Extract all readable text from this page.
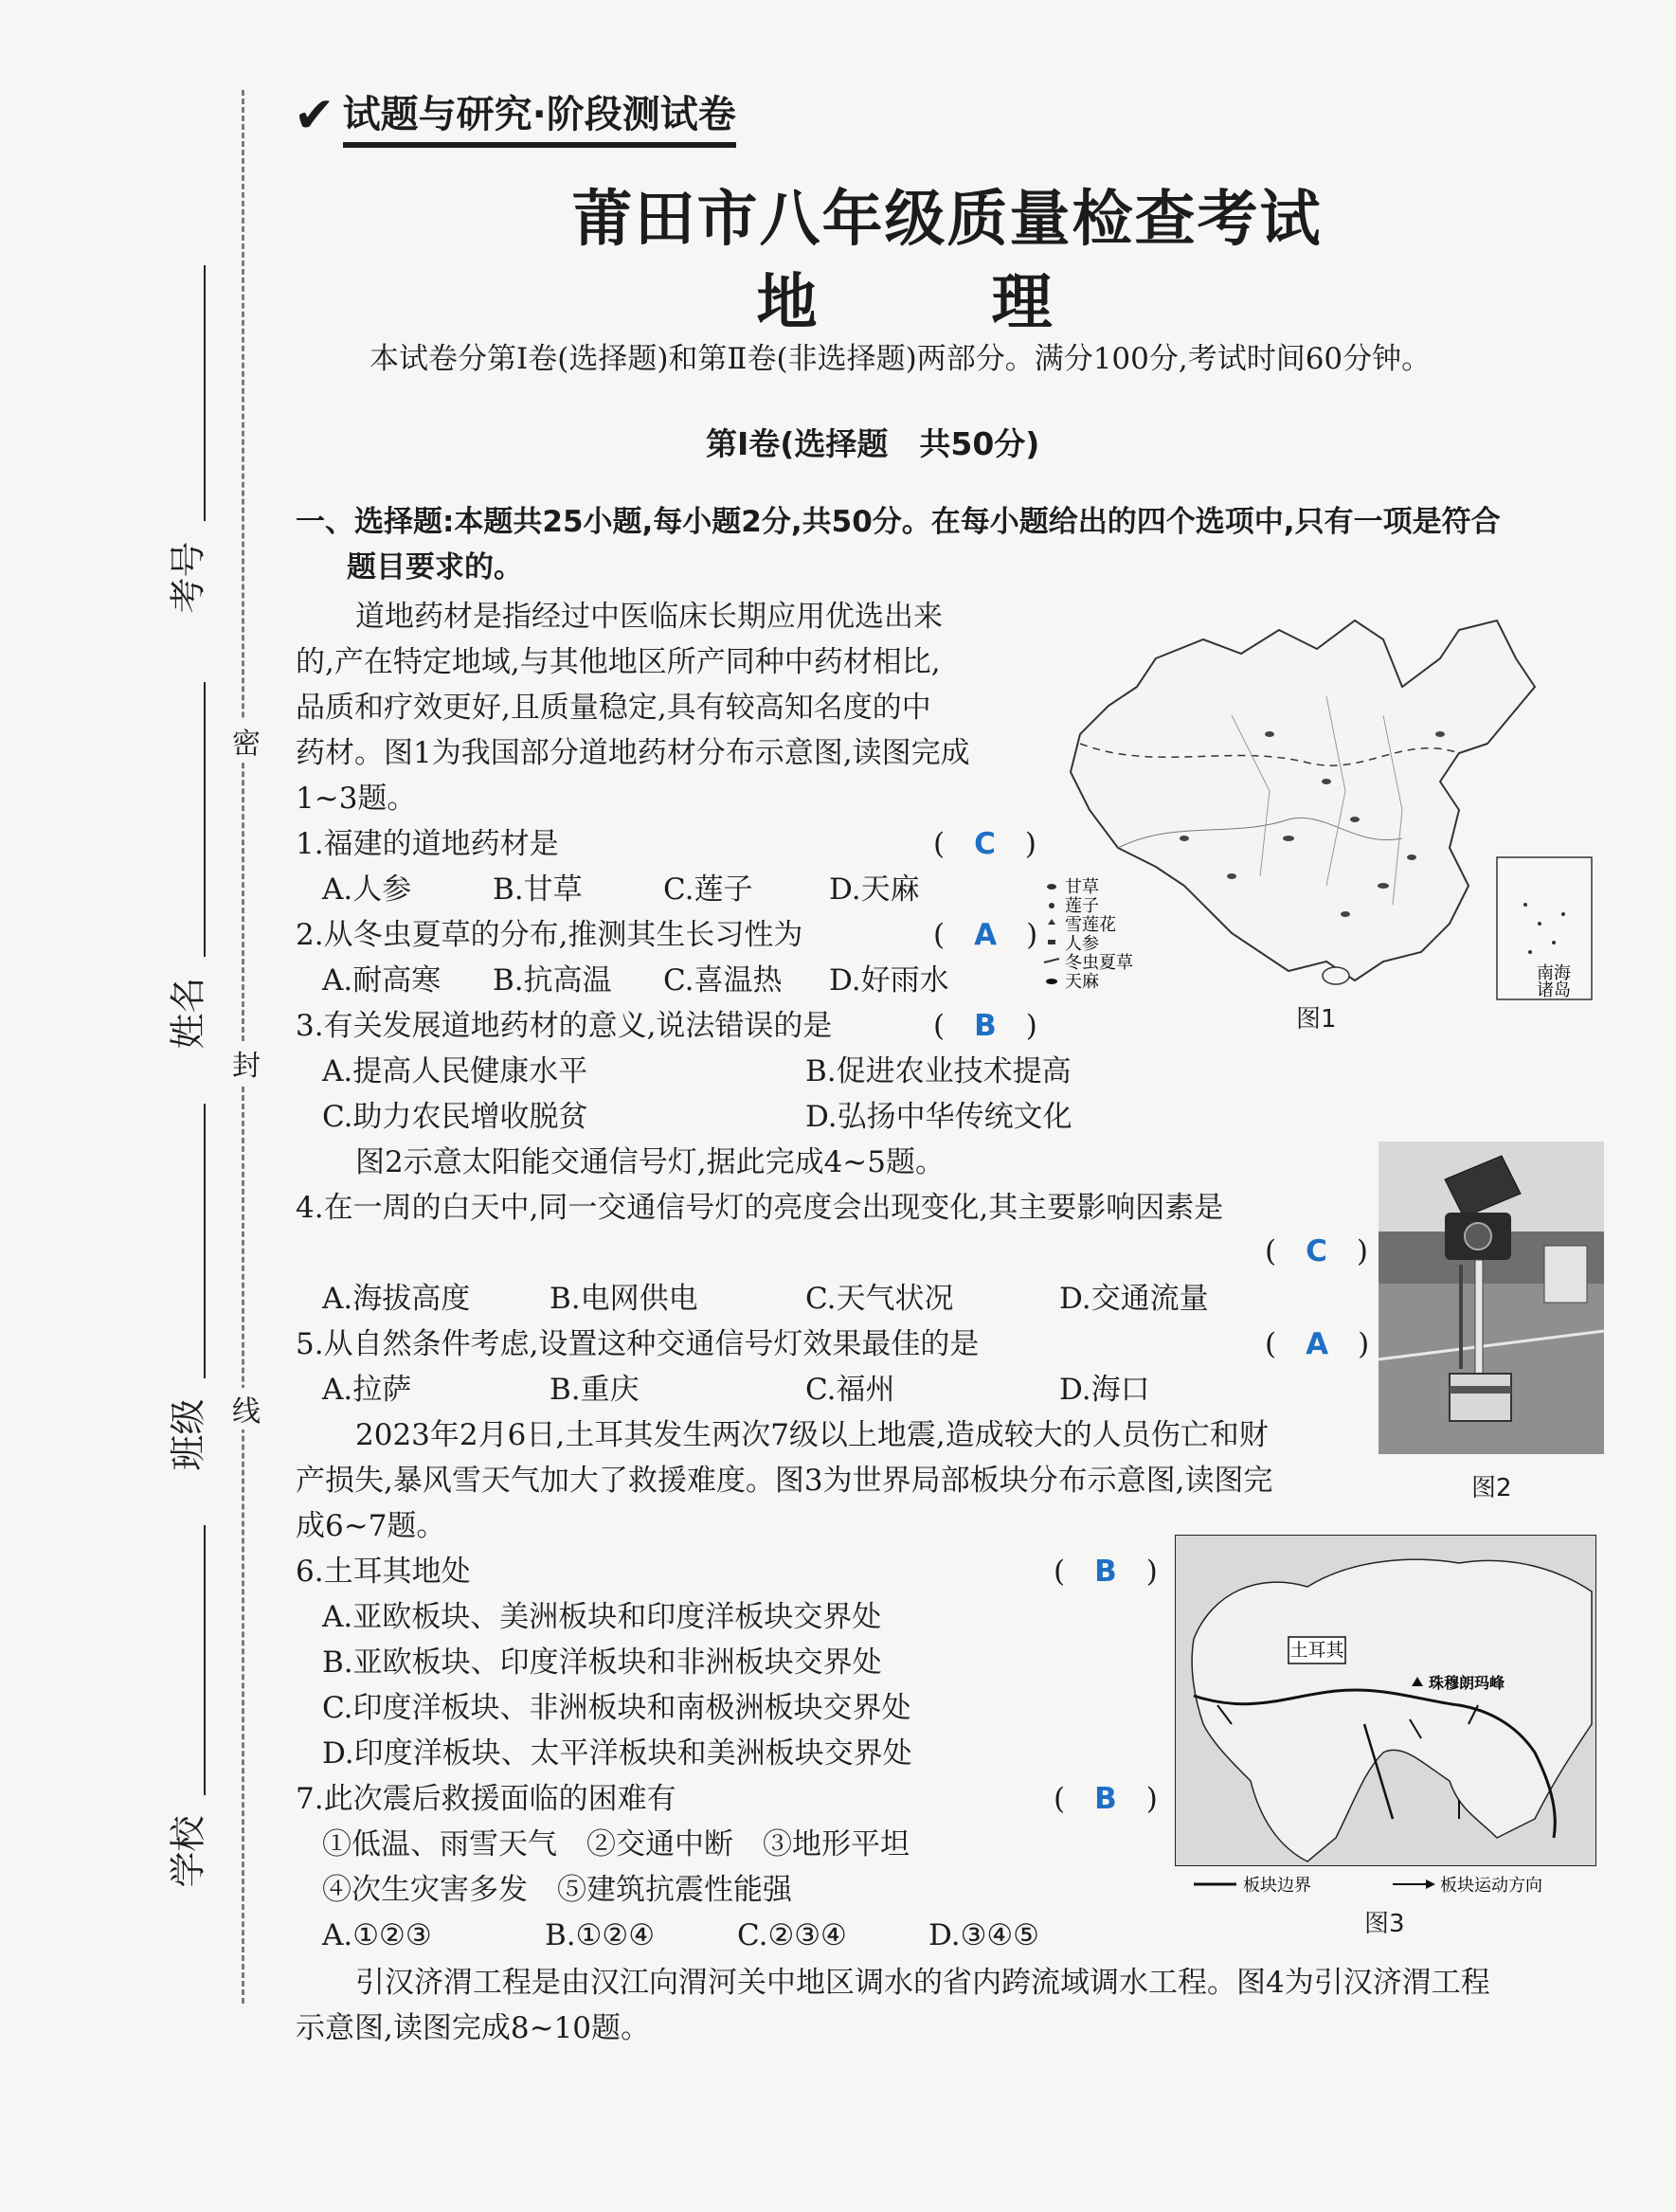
密
封
线
考号
姓名
班级
学校
✔ 试题与研究·阶段测试卷
莆田市八年级质量检查考试
地　理
本试卷分第Ⅰ卷(选择题)和第Ⅱ卷(非选择题)两部分。满分100分,考试时间60分钟。
第Ⅰ卷(选择题　共50分)
一、选择题:本题共25小题,每小题2分,共50分。在每小题给出的四个选项中,只有一项是符合
题目要求的。
道地药材是指经过中医临床长期应用优选出来
的,产在特定地域,与其他地区所产同种中药材相比,
品质和疗效更好,且质量稳定,具有较高知名度的中
药材。图1为我国部分道地药材分布示意图,读图完成
1~3题。
1.福建的道地药材是	(　C　)
A.人参	B.甘草	C.莲子	D.天麻
2.从冬虫夏草的分布,推测其生长习性为	(　A　)
A.耐高寒 B.抗高温 C.喜温热 D.好雨水
3.有关发展道地药材的意义,说法错误的是	(　B　)
A.提高人民健康水平	B.促进农业技术提高
C.助力农民增收脱贫	D.弘扬中华传统文化
图2示意太阳能交通信号灯,据此完成4~5题。
4.在一周的白天中,同一交通信号灯的亮度会出现变化,其主要影响因素是
(　C　)
A.海拔高度	B.电网供电	C.天气状况	D.交通流量
5.从自然条件考虑,设置这种交通信号灯效果最佳的是	(　A　)
A.拉萨	B.重庆	C.福州	D.海口
2023年2月6日,土耳其发生两次7级以上地震,造成较大的人员伤亡和财
产损失,暴风雪天气加大了救援难度。图3为世界局部板块分布示意图,读图完
成6~7题。
6.土耳其地处	(　B　)
A.亚欧板块、美洲板块和印度洋板块交界处
B.亚欧板块、印度洋板块和非洲板块交界处
C.印度洋板块、非洲板块和南极洲板块交界处
D.印度洋板块、太平洋板块和美洲板块交界处
7.此次震后救援面临的困难有	(　B　)
①低温、雨雪天气　②交通中断　③地形平坦
④次生灾害多发　⑤建筑抗震性能强
A.①②③	B.①②④	C.②③④	D.③④⑤
引汉济渭工程是由汉江向渭河关中地区调水的省内跨流域调水工程。图4为引汉济渭工程
示意图,读图完成8~10题。
南海
诸岛
甘草
莲子
雪莲花
人参
冬虫夏草
天麻
图1
图2
土耳其
珠穆朗玛峰
板块边界	板块运动方向
图3
